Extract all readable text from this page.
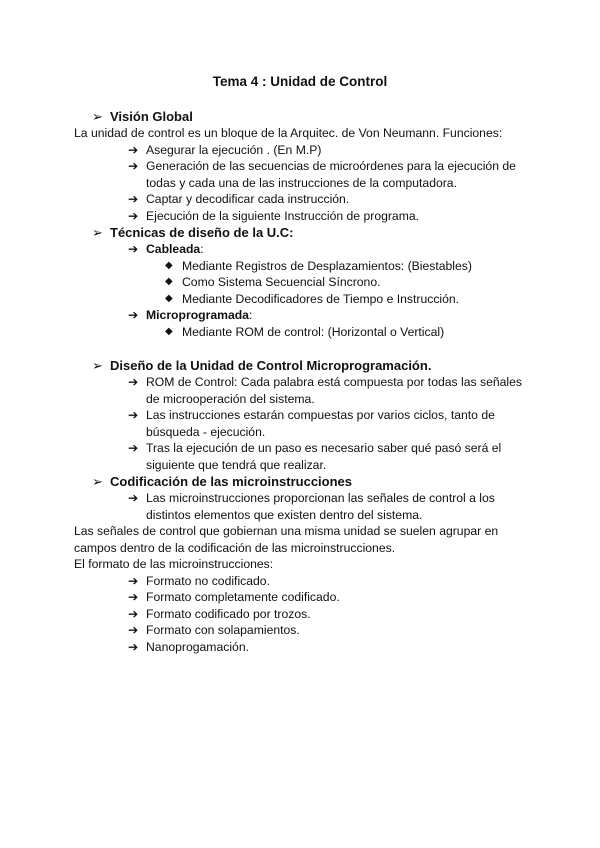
Tema 4 : Unidad de Control
➢ Visión Global
La unidad de control es un bloque de la Arquitec. de Von Neumann. Funciones:
➔ Asegurar la ejecución . (En M.P)
➔ Generación de las secuencias de microórdenes para la ejecución de
todas y cada una de las instrucciones de la computadora.
➔ Captar y decodificar cada instrucción.
➔ Ejecución de la siguiente Instrucción de programa.
➢ Técnicas de diseño de la U.C:
➔ Cableada:
◆ Mediante Registros de Desplazamientos: (Biestables)
◆ Como Sistema Secuencial Síncrono.
◆ Mediante Decodificadores de Tiempo e Instrucción.
➔ Microprogramada:
◆ Mediante ROM de control: (Horizontal o Vertical)
➢ Diseño de la Unidad de Control Microprogramación.
➔ ROM de Control: Cada palabra está compuesta por todas las señales
de microoperación del sistema.
➔ Las instrucciones estarán compuestas por varios ciclos, tanto de
búsqueda - ejecución.
➔ Tras la ejecución de un paso es necesario saber qué pasó será el
siguiente que tendrá que realizar.
➢ Codificación de las microinstrucciones
➔ Las microinstrucciones proporcionan las señales de control a los
distintos elementos que existen dentro del sistema.
Las señales de control que gobiernan una misma unidad se suelen agrupar en
campos dentro de la codificación de las microinstrucciones.
El formato de las microinstrucciones:
➔ Formato no codificado.
➔ Formato completamente codificado.
➔ Formato codificado por trozos.
➔ Formato con solapamientos.
➔ Nanoprogamación.
